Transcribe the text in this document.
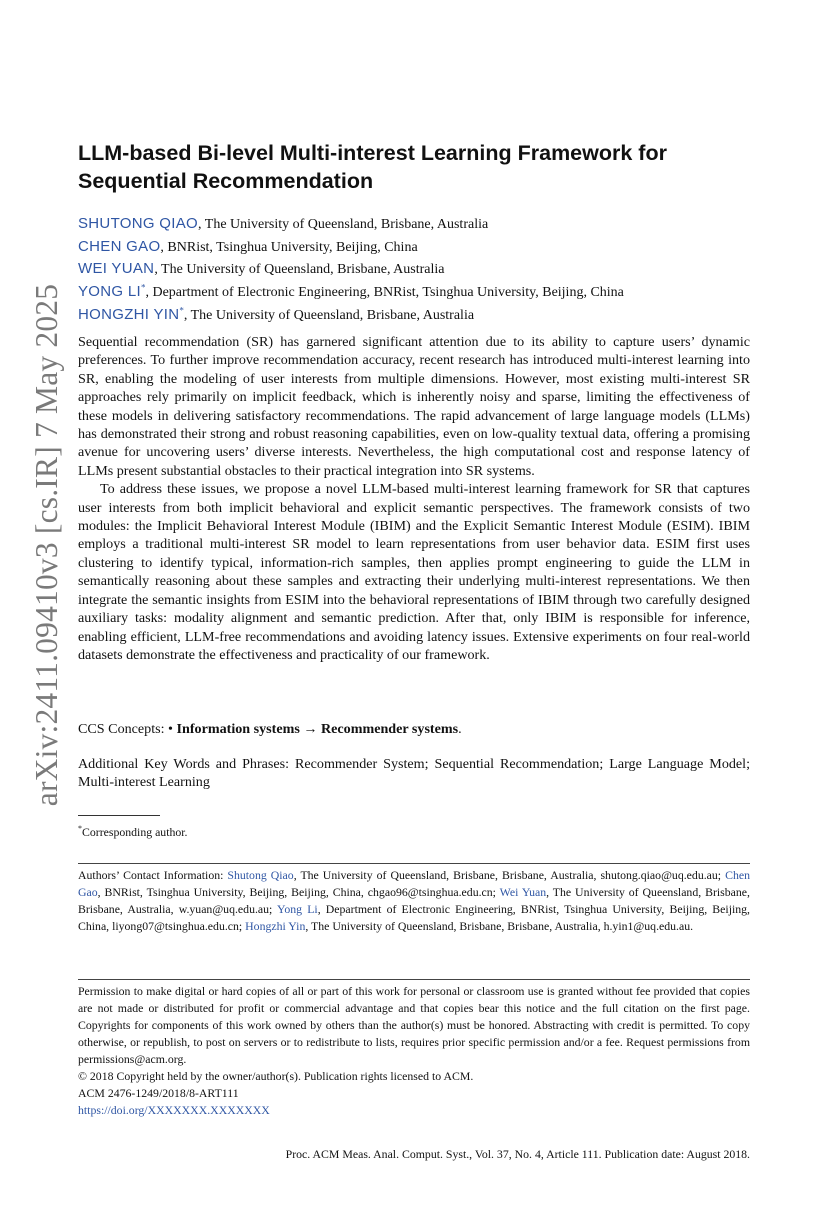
arXiv:2411.09410v3 [cs.IR] 7 May 2025
LLM-based Bi-level Multi-interest Learning Framework for Sequential Recommendation
SHUTONG QIAO, The University of Queensland, Brisbane, Australia
CHEN GAO, BNRist, Tsinghua University, Beijing, China
WEI YUAN, The University of Queensland, Brisbane, Australia
YONG LI*, Department of Electronic Engineering, BNRist, Tsinghua University, Beijing, China
HONGZHI YIN*, The University of Queensland, Brisbane, Australia

Sequential recommendation (SR) has garnered significant attention due to its ability to capture users’ dynamic preferences. To further improve recommendation accuracy, recent research has introduced multi-interest learning into SR, enabling the modeling of user interests from multiple dimensions. However, most existing multi-interest SR approaches rely primarily on implicit feedback, which is inherently noisy and sparse, limiting the effectiveness of these models in delivering satisfactory recommendations. The rapid advancement of large language models (LLMs) has demonstrated their strong and robust reasoning capabilities, even on low-quality textual data, offering a promising avenue for uncovering users’ diverse interests. Nevertheless, the high computational cost and response latency of LLMs present substantial obstacles to their practical integration into SR systems.

To address these issues, we propose a novel LLM-based multi-interest learning framework for SR that captures user interests from both implicit behavioral and explicit semantic perspectives. The framework consists of two modules: the Implicit Behavioral Interest Module (IBIM) and the Explicit Semantic Interest Module (ESIM). IBIM employs a traditional multi-interest SR model to learn representations from user behavior data. ESIM first uses clustering to identify typical, information-rich samples, then applies prompt engineering to guide the LLM in semantically reasoning about these samples and extracting their underlying multi-interest representations. We then integrate the semantic insights from ESIM into the behavioral representations of IBIM through two carefully designed auxiliary tasks: modality alignment and semantic prediction. After that, only IBIM is responsible for inference, enabling efficient, LLM-free recommendations and avoiding latency issues. Extensive experiments on four real-world datasets demonstrate the effectiveness and practicality of our framework.

CCS Concepts: • Information systems → Recommender systems.
Additional Key Words and Phrases: Recommender System; Sequential Recommendation; Large Language Model; Multi-interest Learning
*Corresponding author.
Authors’ Contact Information: Shutong Qiao, The University of Queensland, Brisbane, Brisbane, Australia, shutong.qiao@uq.edu.au; Chen Gao, BNRist, Tsinghua University, Beijing, Beijing, China, chgao96@tsinghua.edu.cn; Wei Yuan, The University of Queensland, Brisbane, Brisbane, Australia, w.yuan@uq.edu.au; Yong Li, Department of Electronic Engineering, BNRist, Tsinghua University, Beijing, Beijing, China, liyong07@tsinghua.edu.cn; Hongzhi Yin, The University of Queensland, Brisbane, Brisbane, Australia, h.yin1@uq.edu.au.
Permission to make digital or hard copies of all or part of this work for personal or classroom use is granted without fee provided that copies are not made or distributed for profit or commercial advantage and that copies bear this notice and the full citation on the first page. Copyrights for components of this work owned by others than the author(s) must be honored. Abstracting with credit is permitted. To copy otherwise, or republish, to post on servers or to redistribute to lists, requires prior specific permission and/or a fee. Request permissions from permissions@acm.org.
© 2018 Copyright held by the owner/author(s). Publication rights licensed to ACM.
ACM 2476-1249/2018/8-ART111
https://doi.org/XXXXXXX.XXXXXXX
Proc. ACM Meas. Anal. Comput. Syst., Vol. 37, No. 4, Article 111. Publication date: August 2018.
